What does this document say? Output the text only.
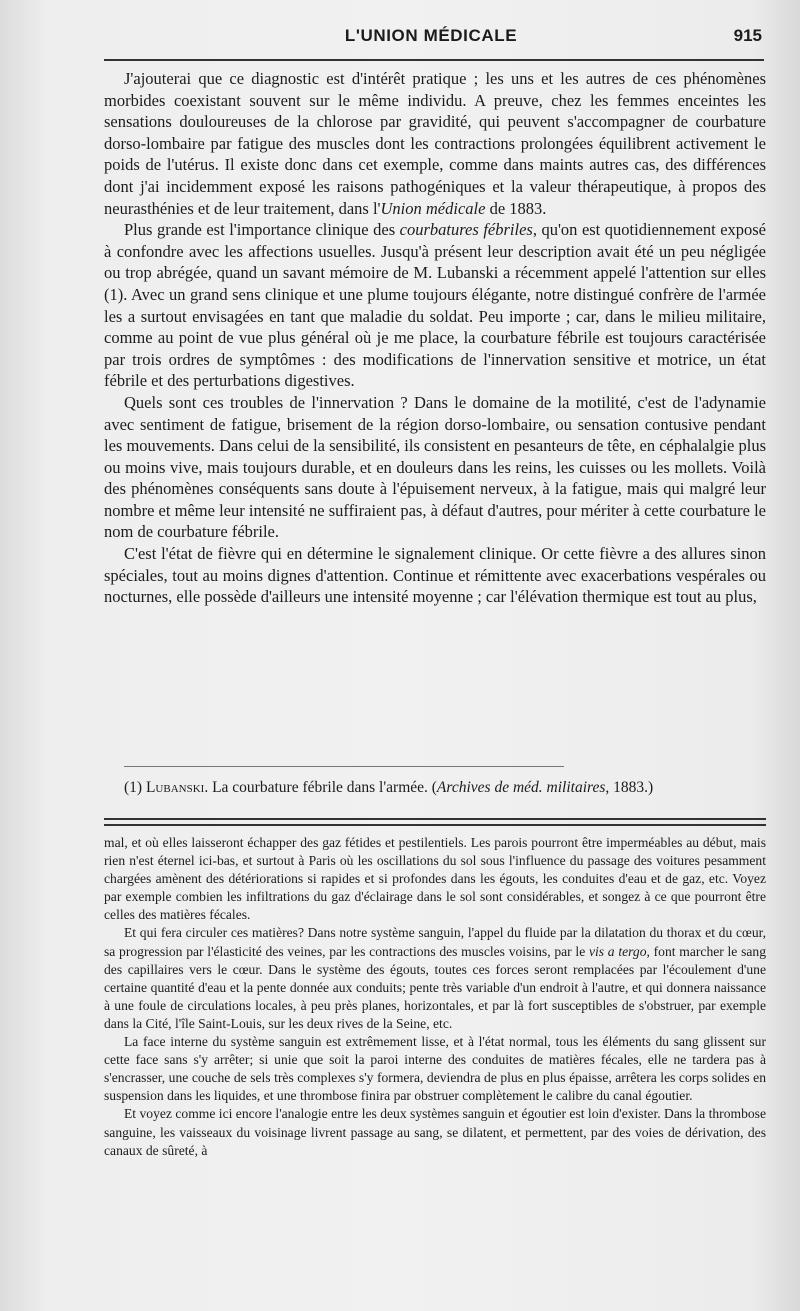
L'UNION MÉDICALE	915

J'ajouterai que ce diagnostic est d'intérêt pratique ; les uns et les autres de ces phénomènes morbides coexistant souvent sur le même individu. A preuve, chez les femmes enceintes les sensations douloureuses de la chlorose par gravidité, qui peuvent s'accompagner de courbature dorso-lombaire par fatigue des muscles dont les contractions prolongées équilibrent activement le poids de l'utérus. Il existe donc dans cet exemple, comme dans maints autres cas, des différences dont j'ai incidemment exposé les raisons pathogéniques et la valeur thérapeutique, à propos des neurasthénies et de leur traitement, dans l'Union médicale de 1883.

Plus grande est l'importance clinique des courbatures fébriles, qu'on est quotidiennement exposé à confondre avec les affections usuelles. Jusqu'à présent leur description avait été un peu négligée ou trop abrégée, quand un savant mémoire de M. Lubanski a récemment appelé l'attention sur elles (1). Avec un grand sens clinique et une plume toujours élégante, notre distingué confrère de l'armée les a surtout envisagées en tant que maladie du soldat. Peu importe ; car, dans le milieu militaire, comme au point de vue plus général où je me place, la courbature fébrile est toujours caractérisée par trois ordres de symptômes : des modifications de l'innervation sensitive et motrice, un état fébrile et des perturbations digestives.

Quels sont ces troubles de l'innervation ? Dans le domaine de la motilité, c'est de l'adynamie avec sentiment de fatigue, brisement de la région dorso-lombaire, ou sensation contusive pendant les mouvements. Dans celui de la sensibilité, ils consistent en pesanteurs de tête, en céphalalgie plus ou moins vive, mais toujours durable, et en douleurs dans les reins, les cuisses ou les mollets. Voilà des phénomènes conséquents sans doute à l'épuisement nerveux, à la fatigue, mais qui malgré leur nombre et même leur intensité ne suffiraient pas, à défaut d'autres, pour mériter à cette courbature le nom de courbature fébrile.

C'est l'état de fièvre qui en détermine le signalement clinique. Or cette fièvre a des allures sinon spéciales, tout au moins dignes d'attention. Continue et rémittente avec exacerbations vespérales ou nocturnes, elle possède d'ailleurs une intensité moyenne ; car l'élévation thermique est tout au plus,

(1) Lubanski. La courbature fébrile dans l'armée. (Archives de méd. militaires, 1883.)

mal, et où elles laisseront échapper des gaz fétides et pestilentiels. Les parois pourront être imperméables au début, mais rien n'est éternel ici-bas, et surtout à Paris où les oscillations du sol sous l'influence du passage des voitures pesamment chargées amènent des détériorations si rapides et si profondes dans les égouts, les conduites d'eau et de gaz, etc. Voyez par exemple combien les infiltrations du gaz d'éclairage dans le sol sont considérables, et songez à ce que pourront être celles des matières fécales.

Et qui fera circuler ces matières? Dans notre système sanguin, l'appel du fluide par la dilatation du thorax et du cœur, sa progression par l'élasticité des veines, par les contractions des muscles voisins, par le vis a tergo, font marcher le sang des capillaires vers le cœur. Dans le système des égouts, toutes ces forces seront remplacées par l'écoulement d'une certaine quantité d'eau et la pente donnée aux conduits; pente très variable d'un endroit à l'autre, et qui donnera naissance à une foule de circulations locales, à peu près planes, horizontales, et par là fort susceptibles de s'obstruer, par exemple dans la Cité, l'île Saint-Louis, sur les deux rives de la Seine, etc.

La face interne du système sanguin est extrêmement lisse, et à l'état normal, tous les éléments du sang glissent sur cette face sans s'y arrêter; si unie que soit la paroi interne des conduites de matières fécales, elle ne tardera pas à s'encrasser, une couche de sels très complexes s'y formera, deviendra de plus en plus épaisse, arrêtera les corps solides en suspension dans les liquides, et une thrombose finira par obstruer complètement le calibre du canal égoutier.

Et voyez comme ici encore l'analogie entre les deux systèmes sanguin et égoutier est loin d'exister. Dans la thrombose sanguine, les vaisseaux du voisinage livrent passage au sang, se dilatent, et permettent, par des voies de dérivation, des canaux de sûreté, à
